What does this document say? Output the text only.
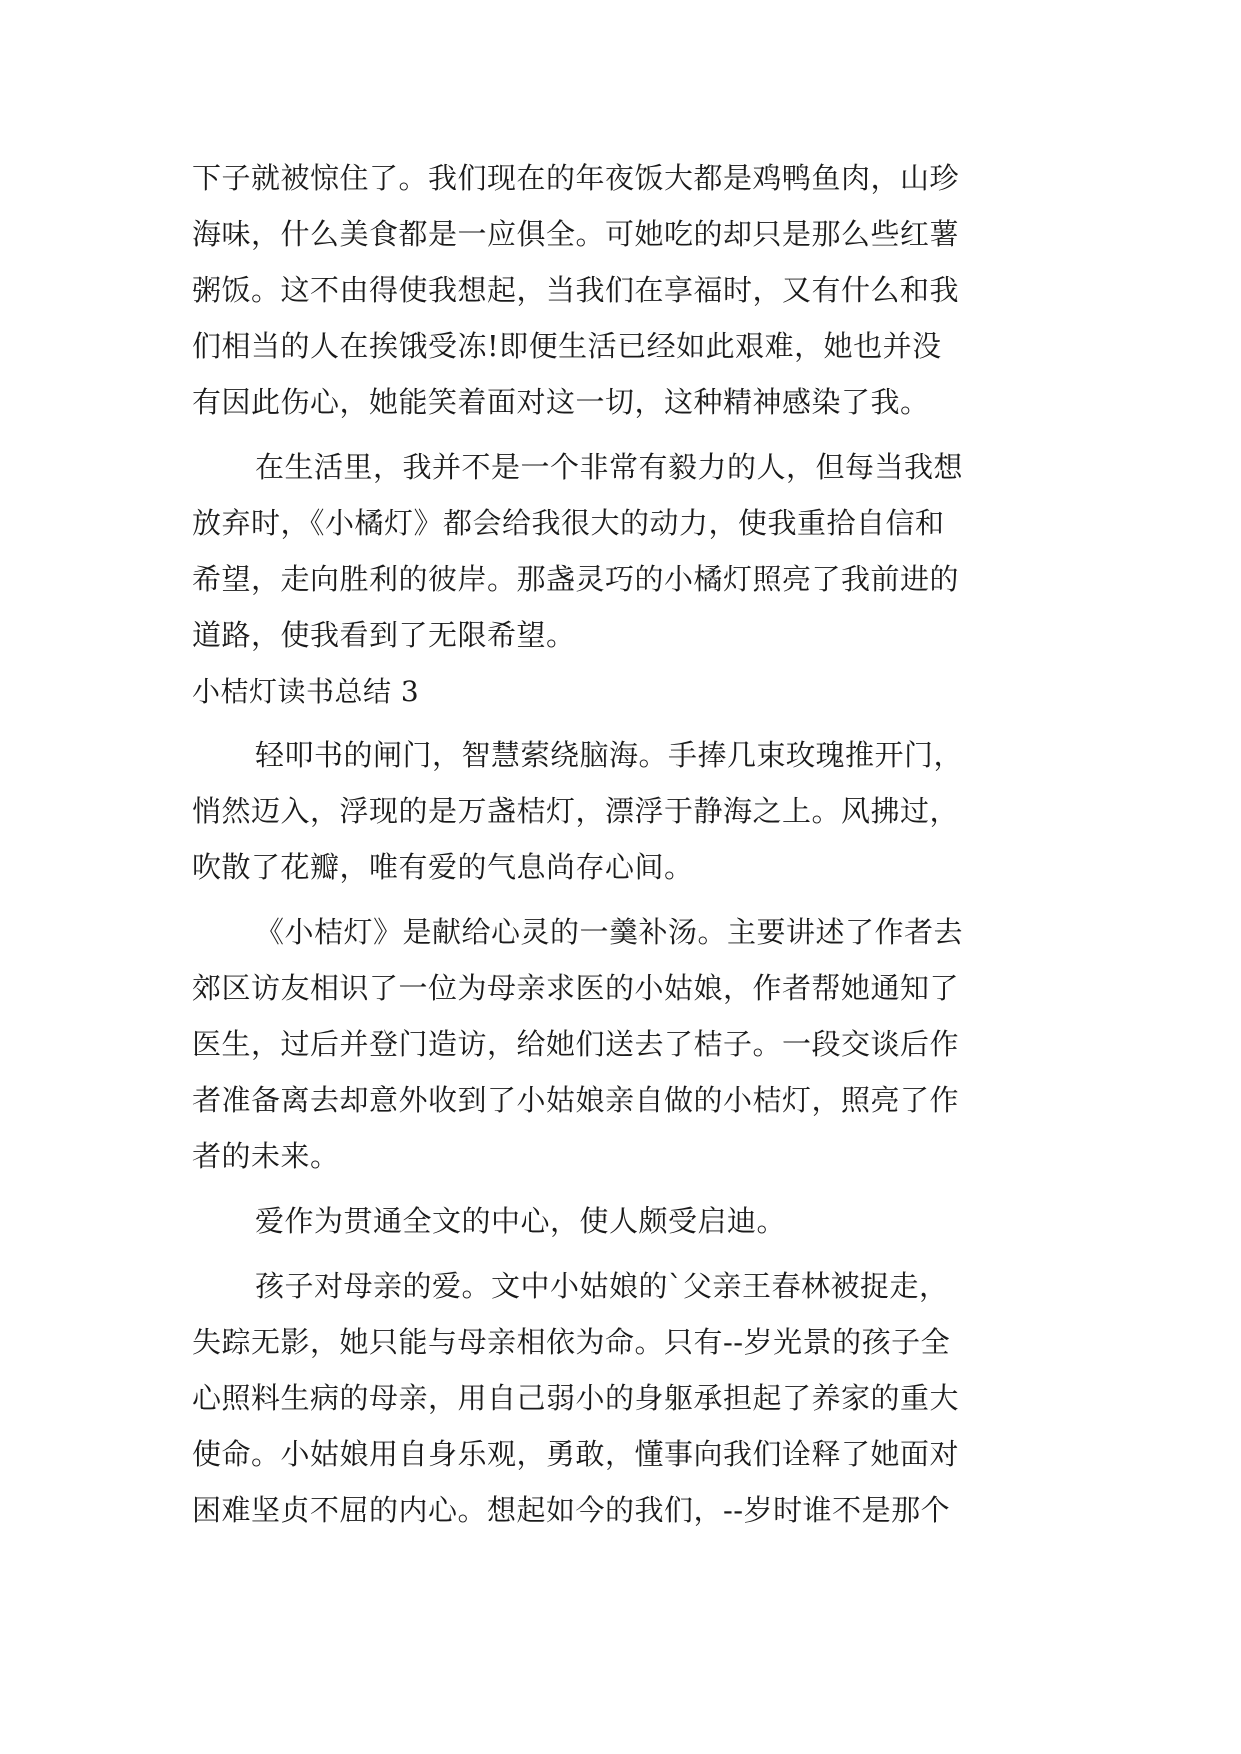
下子就被惊住了。我们现在的年夜饭大都是鸡鸭鱼肉，山珍
海味，什么美食都是一应俱全。可她吃的却只是那么些红薯
粥饭。这不由得使我想起，当我们在享福时，又有什么和我
们相当的人在挨饿受冻!即便生活已经如此艰难，她也并没
有因此伤心，她能笑着面对这一切，这种精神感染了我。
在生活里，我并不是一个非常有毅力的人，但每当我想
放弃时，《小橘灯》都会给我很大的动力，使我重拾自信和
希望，走向胜利的彼岸。那盏灵巧的小橘灯照亮了我前进的
道路，使我看到了无限希望。
小桔灯读书总结 3
轻叩书的闸门，智慧萦绕脑海。手捧几束玫瑰推开门，
悄然迈入，浮现的是万盏桔灯，漂浮于静海之上。风拂过，
吹散了花瓣，唯有爱的气息尚存心间。
《小桔灯》是献给心灵的一羹补汤。主要讲述了作者去
郊区访友相识了一位为母亲求医的小姑娘，作者帮她通知了
医生，过后并登门造访，给她们送去了桔子。一段交谈后作
者准备离去却意外收到了小姑娘亲自做的小桔灯，照亮了作
者的未来。
爱作为贯通全文的中心，使人颇受启迪。
孩子对母亲的爱。文中小姑娘的`父亲王春林被捉走，
失踪无影，她只能与母亲相依为命。只有--岁光景的孩子全
心照料生病的母亲，用自己弱小的身躯承担起了养家的重大
使命。小姑娘用自身乐观，勇敢，懂事向我们诠释了她面对
困难坚贞不屈的内心。想起如今的我们，--岁时谁不是那个
